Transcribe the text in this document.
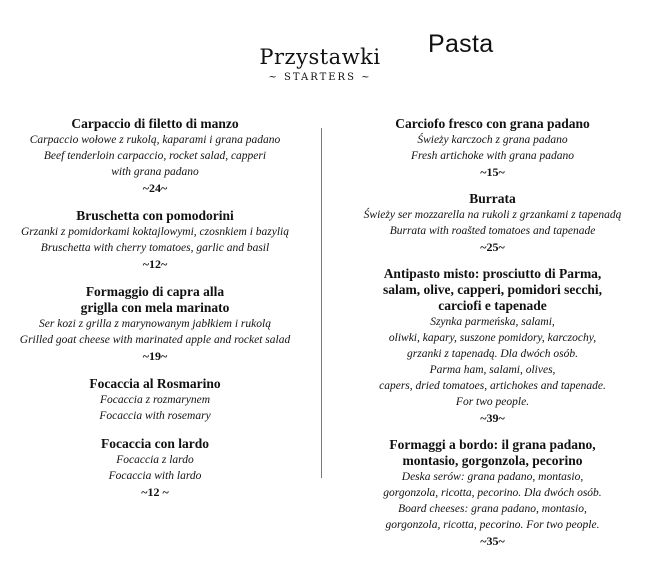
Przystawki
~ STARTERS ~
Pasta
Carpaccio di filetto di manzo
Carpaccio wołowe z rukolą, kaparami i grana padano
Beef tenderloin carpaccio, rocket salad, capperi
with grana padano
~24~
Bruschetta con pomodorini
Grzanki z pomidorkami koktajlowymi, czosnkiem i bazylią
Bruschetta with cherry tomatoes, garlic and basil
~12~
Formaggio di capra alla
griglla con mela marinato
Ser kozi z grilla z marynowanym jabłkiem i rukolą
Grilled goat cheese with marinated apple and rocket salad
~19~
Focaccia al Rosmarino
Focaccia z rozmarynem
Focaccia with rosemary
Focaccia con lardo
Focaccia z lardo
Focaccia with lardo
~12 ~
Carciofo fresco con grana padano
Świeży karczoch z grana padano
Fresh artichoke with grana padano
~15~
Burrata
Świeży ser mozzarella na rukoli z grzankami z tapenadą
Burrata with roašted tomatoes and tapenade
~25~
Antipasto misto: prosciutto di Parma,
salam, olive, capperi, pomidori secchi,
carciofi e tapenade
Szynka parmeńska, salami,
oliwki, kapary, suszone pomidory, karczochy,
grzanki z tapenadą. Dla dwóch osób.
Parma ham, salami, olives,
capers, dried tomatoes, artichokes and tapenade.
For two people.
~39~
Formaggi a bordo: il grana padano,
montasio, gorgonzola, pecorino
Deska serów: grana padano, montasio,
gorgonzola, ricotta, pecorino. Dla dwóch osób.
Board cheeses: grana padano, montasio,
gorgonzola, ricotta, pecorino. For two people.
~35~
